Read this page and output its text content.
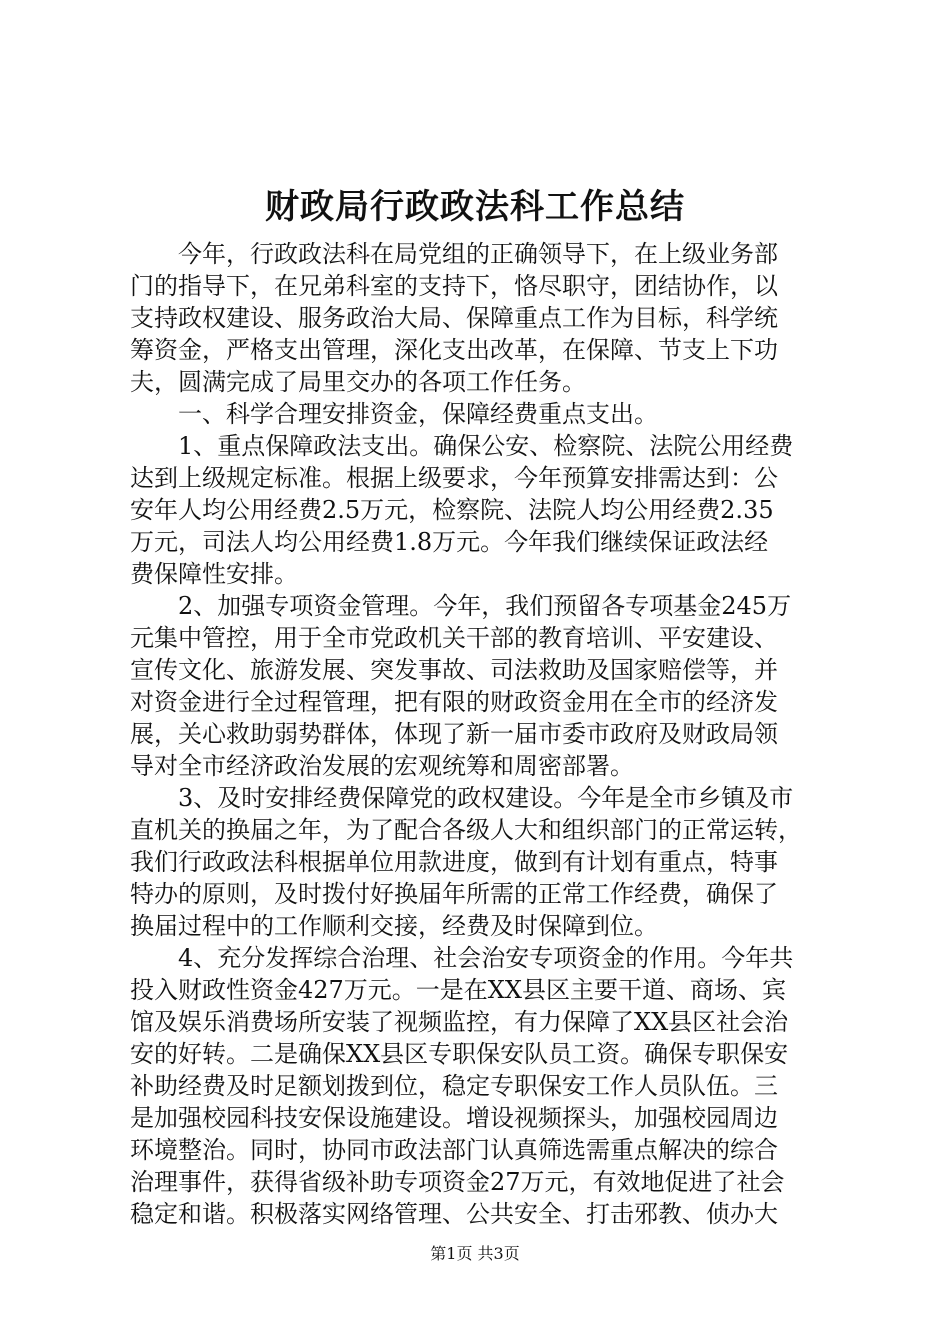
财政局行政政法科工作总结
今年，行政政法科在局党组的正确领导下，在上级业务部
门的指导下，在兄弟科室的支持下，恪尽职守，团结协作，以
支持政权建设、服务政治大局、保障重点工作为目标，科学统
筹资金，严格支出管理，深化支出改革，在保障、节支上下功
夫，圆满完成了局里交办的各项工作任务。
一、科学合理安排资金，保障经费重点支出。
1、重点保障政法支出。确保公安、检察院、法院公用经费
达到上级规定标准。根据上级要求，今年预算安排需达到：公
安年人均公用经费2.5万元，检察院、法院人均公用经费2.35
万元，司法人均公用经费1.8万元。今年我们继续保证政法经
费保障性安排。
2、加强专项资金管理。今年，我们预留各专项基金245万
元集中管控，用于全市党政机关干部的教育培训、平安建设、
宣传文化、旅游发展、突发事故、司法救助及国家赔偿等，并
对资金进行全过程管理，把有限的财政资金用在全市的经济发
展，关心救助弱势群体，体现了新一届市委市政府及财政局领
导对全市经济政治发展的宏观统筹和周密部署。
3、及时安排经费保障党的政权建设。今年是全市乡镇及市
直机关的换届之年，为了配合各级人大和组织部门的正常运转，
我们行政政法科根据单位用款进度，做到有计划有重点，特事
特办的原则，及时拨付好换届年所需的正常工作经费，确保了
换届过程中的工作顺利交接，经费及时保障到位。
4、充分发挥综合治理、社会治安专项资金的作用。今年共
投入财政性资金427万元。一是在XX县区主要干道、商场、宾
馆及娱乐消费场所安装了视频监控，有力保障了XX县区社会治
安的好转。二是确保XX县区专职保安队员工资。确保专职保安
补助经费及时足额划拨到位，稳定专职保安工作人员队伍。三
是加强校园科技安保设施建设。增设视频探头，加强校园周边
环境整治。同时，协同市政法部门认真筛选需重点解决的综合
治理事件，获得省级补助专项资金27万元，有效地促进了社会
稳定和谐。积极落实网络管理、公共安全、打击邪教、侦办大
第1页 共3页
